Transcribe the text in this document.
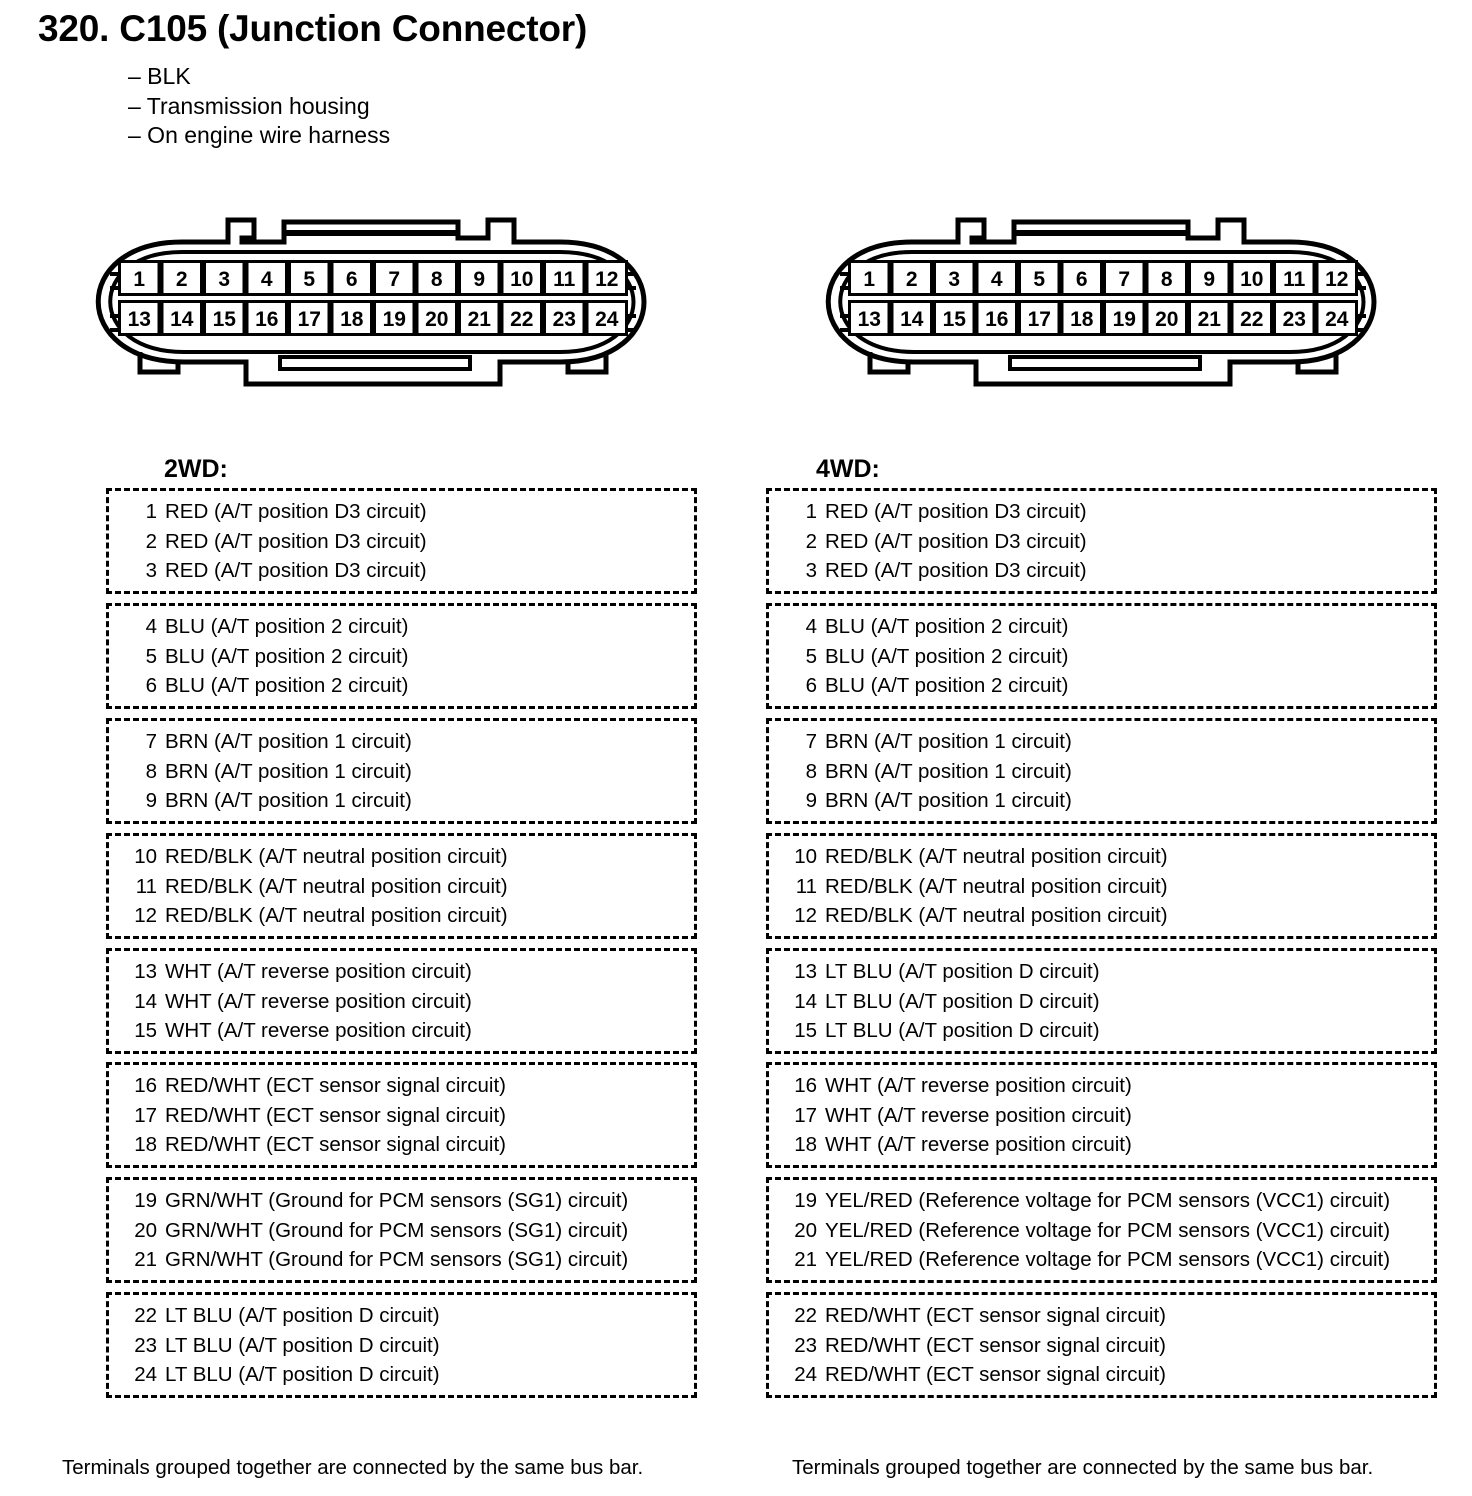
320. C105 (Junction Connector)
– BLK
– Transmission housing
– On engine wire harness
1 2 3 4 5 6 7 8 9 10 11 12
13 14 15 16 17 18 19 20 21 22 23 24
1 2 3 4 5 6 7 8 9 10 11 12
13 14 15 16 17 18 19 20 21 22 23 24
2WD:
1 RED (A/T position D3 circuit)
2 RED (A/T position D3 circuit)
3 RED (A/T position D3 circuit)
4 BLU (A/T position 2 circuit)
5 BLU (A/T position 2 circuit)
6 BLU (A/T position 2 circuit)
7 BRN (A/T position 1 circuit)
8 BRN (A/T position 1 circuit)
9 BRN (A/T position 1 circuit)
10 RED/BLK (A/T neutral position circuit)
11 RED/BLK (A/T neutral position circuit)
12 RED/BLK (A/T neutral position circuit)
13 WHT (A/T reverse position circuit)
14 WHT (A/T reverse position circuit)
15 WHT (A/T reverse position circuit)
16 RED/WHT (ECT sensor signal circuit)
17 RED/WHT (ECT sensor signal circuit)
18 RED/WHT (ECT sensor signal circuit)
19 GRN/WHT (Ground for PCM sensors (SG1) circuit)
20 GRN/WHT (Ground for PCM sensors (SG1) circuit)
21 GRN/WHT (Ground for PCM sensors (SG1) circuit)
22 LT BLU (A/T position D circuit)
23 LT BLU (A/T position D circuit)
24 LT BLU (A/T position D circuit)
Terminals grouped together are connected by the same bus bar.
4WD:
1 RED (A/T position D3 circuit)
2 RED (A/T position D3 circuit)
3 RED (A/T position D3 circuit)
4 BLU (A/T position 2 circuit)
5 BLU (A/T position 2 circuit)
6 BLU (A/T position 2 circuit)
7 BRN (A/T position 1 circuit)
8 BRN (A/T position 1 circuit)
9 BRN (A/T position 1 circuit)
10 RED/BLK (A/T neutral position circuit)
11 RED/BLK (A/T neutral position circuit)
12 RED/BLK (A/T neutral position circuit)
13 LT BLU (A/T position D circuit)
14 LT BLU (A/T position D circuit)
15 LT BLU (A/T position D circuit)
16 WHT (A/T reverse position circuit)
17 WHT (A/T reverse position circuit)
18 WHT (A/T reverse position circuit)
19 YEL/RED (Reference voltage for PCM sensors (VCC1) circuit)
20 YEL/RED (Reference voltage for PCM sensors (VCC1) circuit)
21 YEL/RED (Reference voltage for PCM sensors (VCC1) circuit)
22 RED/WHT (ECT sensor signal circuit)
23 RED/WHT (ECT sensor signal circuit)
24 RED/WHT (ECT sensor signal circuit)
Terminals grouped together are connected by the same bus bar.
